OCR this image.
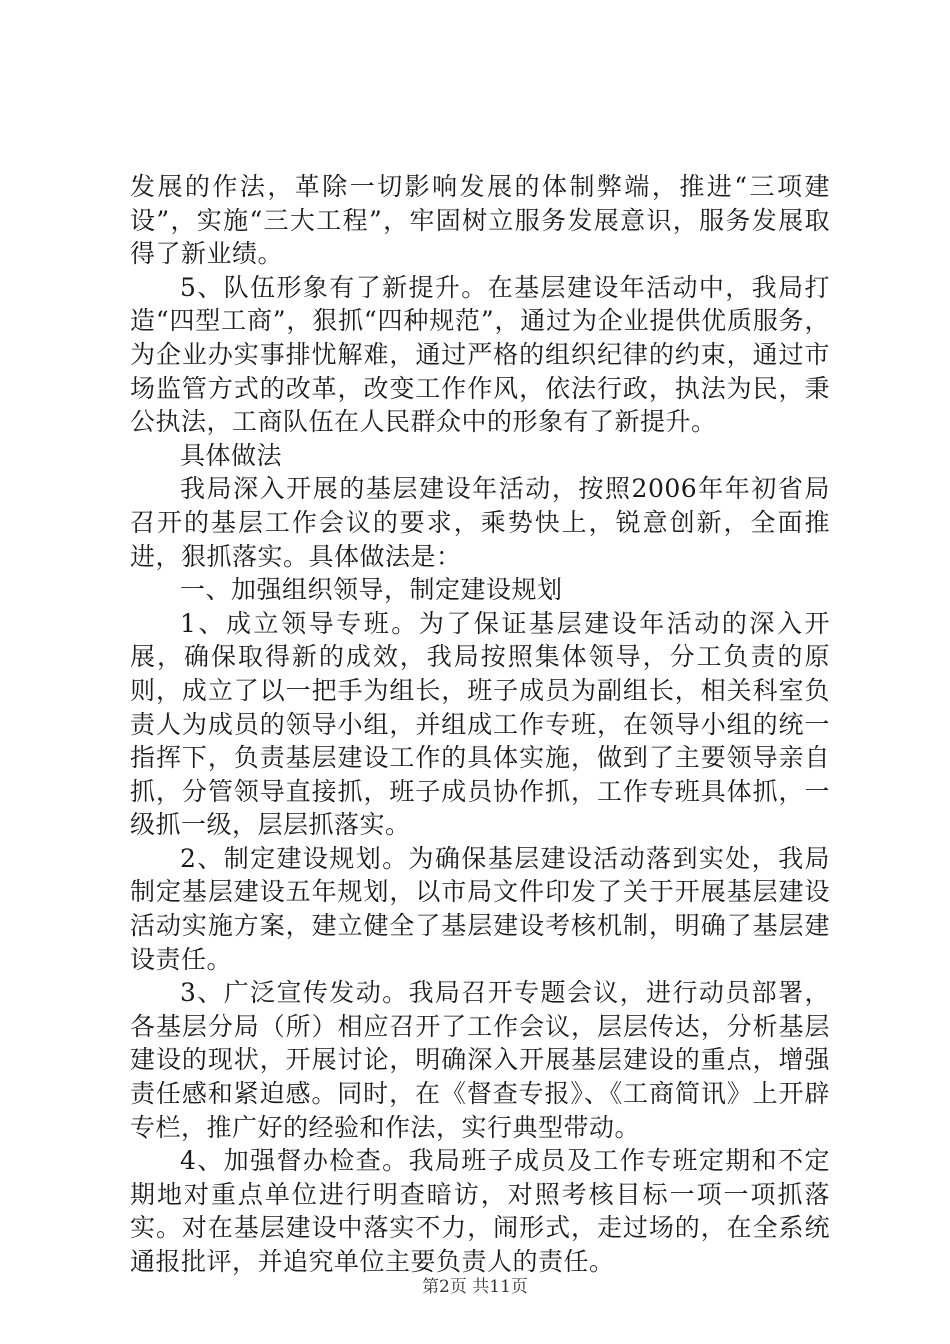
发展的作法，革除一切影响发展的体制弊端，推进“三项建设”，实施“三大工程”，牢固树立服务发展意识，服务发展取得了新业绩。

5、队伍形象有了新提升。在基层建设年活动中，我局打造“四型工商”，狠抓“四种规范”，通过为企业提供优质服务，为企业办实事排忧解难，通过严格的组织纪律的约束，通过市场监管方式的改革，改变工作作风，依法行政，执法为民，秉公执法，工商队伍在人民群众中的形象有了新提升。

具体做法

我局深入开展的基层建设年活动，按照2006年年初省局召开的基层工作会议的要求，乘势快上，锐意创新，全面推进，狠抓落实。具体做法是：

一、加强组织领导，制定建设规划

1、成立领导专班。为了保证基层建设年活动的深入开展，确保取得新的成效，我局按照集体领导，分工负责的原则，成立了以一把手为组长，班子成员为副组长，相关科室负责人为成员的领导小组，并组成工作专班，在领导小组的统一指挥下，负责基层建设工作的具体实施，做到了主要领导亲自抓，分管领导直接抓，班子成员协作抓，工作专班具体抓，一级抓一级，层层抓落实。

2、制定建设规划。为确保基层建设活动落到实处，我局制定基层建设五年规划，以市局文件印发了关于开展基层建设活动实施方案，建立健全了基层建设考核机制，明确了基层建设责任。

3、广泛宣传发动。我局召开专题会议，进行动员部署，各基层分局（所）相应召开了工作会议，层层传达，分析基层建设的现状，开展讨论，明确深入开展基层建设的重点，增强责任感和紧迫感。同时，在《督查专报》、《工商简讯》上开辟专栏，推广好的经验和作法，实行典型带动。

4、加强督办检查。我局班子成员及工作专班定期和不定期地对重点单位进行明查暗访，对照考核目标一项一项抓落实。对在基层建设中落实不力，闹形式，走过场的，在全系统通报批评，并追究单位主要负责人的责任。

第2页 共11页
